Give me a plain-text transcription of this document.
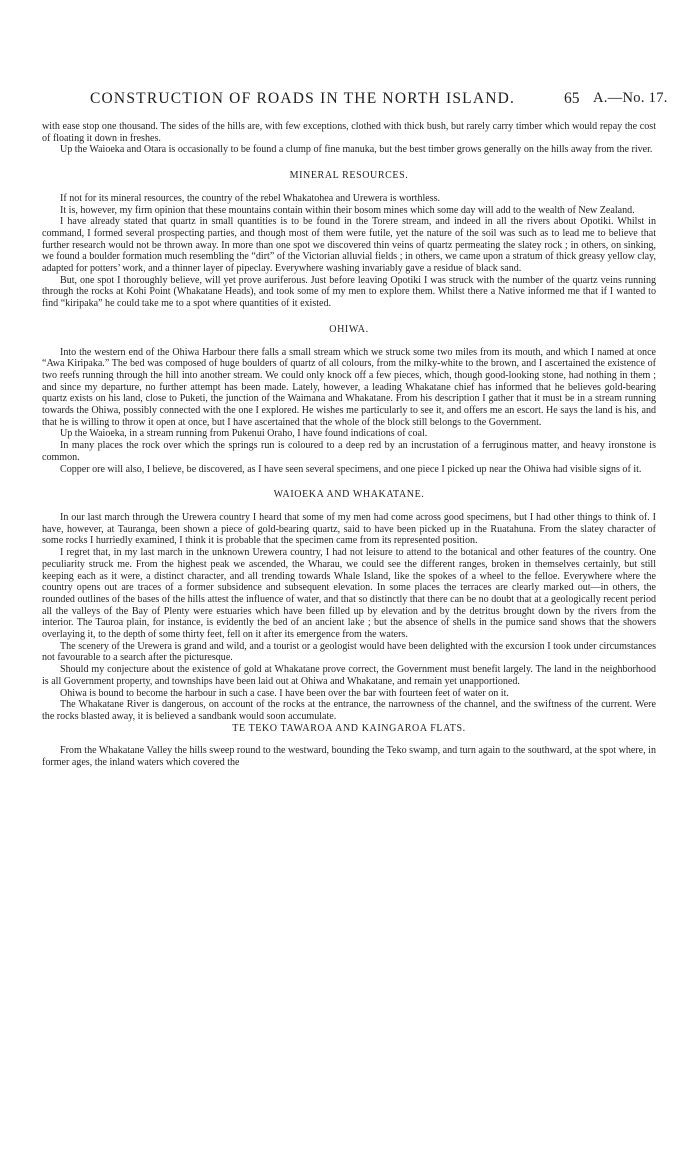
CONSTRUCTION OF ROADS IN THE NORTH ISLAND.	65 A.—No. 17.

with ease stop one thousand. The sides of the hills are, with few exceptions, clothed with thick bush, but rarely carry timber which would repay the cost of floating it down in freshes.

Up the Waioeka and Otara is occasionally to be found a clump of fine manuka, but the best timber grows generally on the hills away from the river.

MINERAL RESOURCES.

If not for its mineral resources, the country of the rebel Whakatohea and Urewera is worthless.

It is, however, my firm opinion that these mountains contain within their bosom mines which some day will add to the wealth of New Zealand.

I have already stated that quartz in small quantities is to be found in the Torere stream, and indeed in all the rivers about Opotiki. Whilst in command, I formed several prospecting parties, and though most of them were futile, yet the nature of the soil was such as to lead me to believe that further research would not be thrown away. In more than one spot we discovered thin veins of quartz permeating the slatey rock ; in others, on sinking, we found a boulder formation much resembling the “dirt” of the Victorian alluvial fields ; in others, we came upon a stratum of thick greasy yellow clay, adapted for potters’ work, and a thinner layer of pipeclay. Everywhere washing invariably gave a residue of black sand.

But, one spot I thoroughly believe, will yet prove auriferous. Just before leaving Opotiki I was struck with the number of the quartz veins running through the rocks at Kohi Point (Whakatane Heads), and took some of my men to explore them. Whilst there a Native informed me that if I wanted to find “kiripaka” he could take me to a spot where quantities of it existed.

OHIWA.

Into the western end of the Ohiwa Harbour there falls a small stream which we struck some two miles from its mouth, and which I named at once “Awa Kiripaka.” The bed was composed of huge boulders of quartz of all colours, from the milky-white to the brown, and I ascertained the existence of two reefs running through the hill into another stream. We could only knock off a few pieces, which, though good-looking stone, had nothing in them ; and since my departure, no further attempt has been made. Lately, however, a leading Whakatane chief has informed that he believes gold-bearing quartz exists on his land, close to Puketi, the junction of the Waimana and Whakatane. From his description I gather that it must be in a stream running towards the Ohiwa, possibly connected with the one I explored. He wishes me particularly to see it, and offers me an escort. He says the land is his, and that he is willing to throw it open at once, but I have ascertained that the whole of the block still belongs to the Government.

Up the Waioeka, in a stream running from Pukenui Oraho, I have found indications of coal.

In many places the rock over which the springs run is coloured to a deep red by an incrustation of a ferruginous matter, and heavy ironstone is common.

Copper ore will also, I believe, be discovered, as I have seen several specimens, and one piece I picked up near the Ohiwa had visible signs of it.

WAIOEKA AND WHAKATANE.

In our last march through the Urewera country I heard that some of my men had come across good specimens, but I had other things to think of. I have, however, at Tauranga, been shown a piece of gold-bearing quartz, said to have been picked up in the Ruatahuna. From the slatey character of some rocks I hurriedly examined, I think it is probable that the specimen came from its represented position.

I regret that, in my last march in the unknown Urewera country, I had not leisure to attend to the botanical and other features of the country. One peculiarity struck me. From the highest peak we ascended, the Wharau, we could see the different ranges, broken in themselves certainly, but still keeping each as it were, a distinct character, and all trending towards Whale Island, like the spokes of a wheel to the felloe. Everywhere where the country opens out are traces of a former subsidence and subsequent elevation. In some places the terraces are clearly marked out—in others, the rounded outlines of the bases of the hills attest the influence of water, and that so distinctly that there can be no doubt that at a geologically recent period all the valleys of the Bay of Plenty were estuaries which have been filled up by elevation and by the detritus brought down by the rivers from the interior. The Tauroa plain, for instance, is evidently the bed of an ancient lake ; but the absence of shells in the pumice sand shows that the showers overlaying it, to the depth of some thirty feet, fell on it after its emergence from the waters.

The scenery of the Urewera is grand and wild, and a tourist or a geologist would have been delighted with the excursion I took under circumstances not favourable to a search after the picturesque.

Should my conjecture about the existence of gold at Whakatane prove correct, the Government must benefit largely. The land in the neighborhood is all Government property, and townships have been laid out at Ohiwa and Whakatane, and remain yet unapportioned.

Ohiwa is bound to become the harbour in such a case. I have been over the bar with fourteen feet of water on it.

The Whakatane River is dangerous, on account of the rocks at the entrance, the narrowness of the channel, and the swiftness of the current. Were the rocks blasted away, it is believed a sandbank would soon accumulate.

TE TEKO TAWAROA AND KAINGAROA FLATS.

From the Whakatane Valley the hills sweep round to the westward, bounding the Teko swamp, and turn again to the southward, at the spot where, in former ages, the inland waters which covered the
